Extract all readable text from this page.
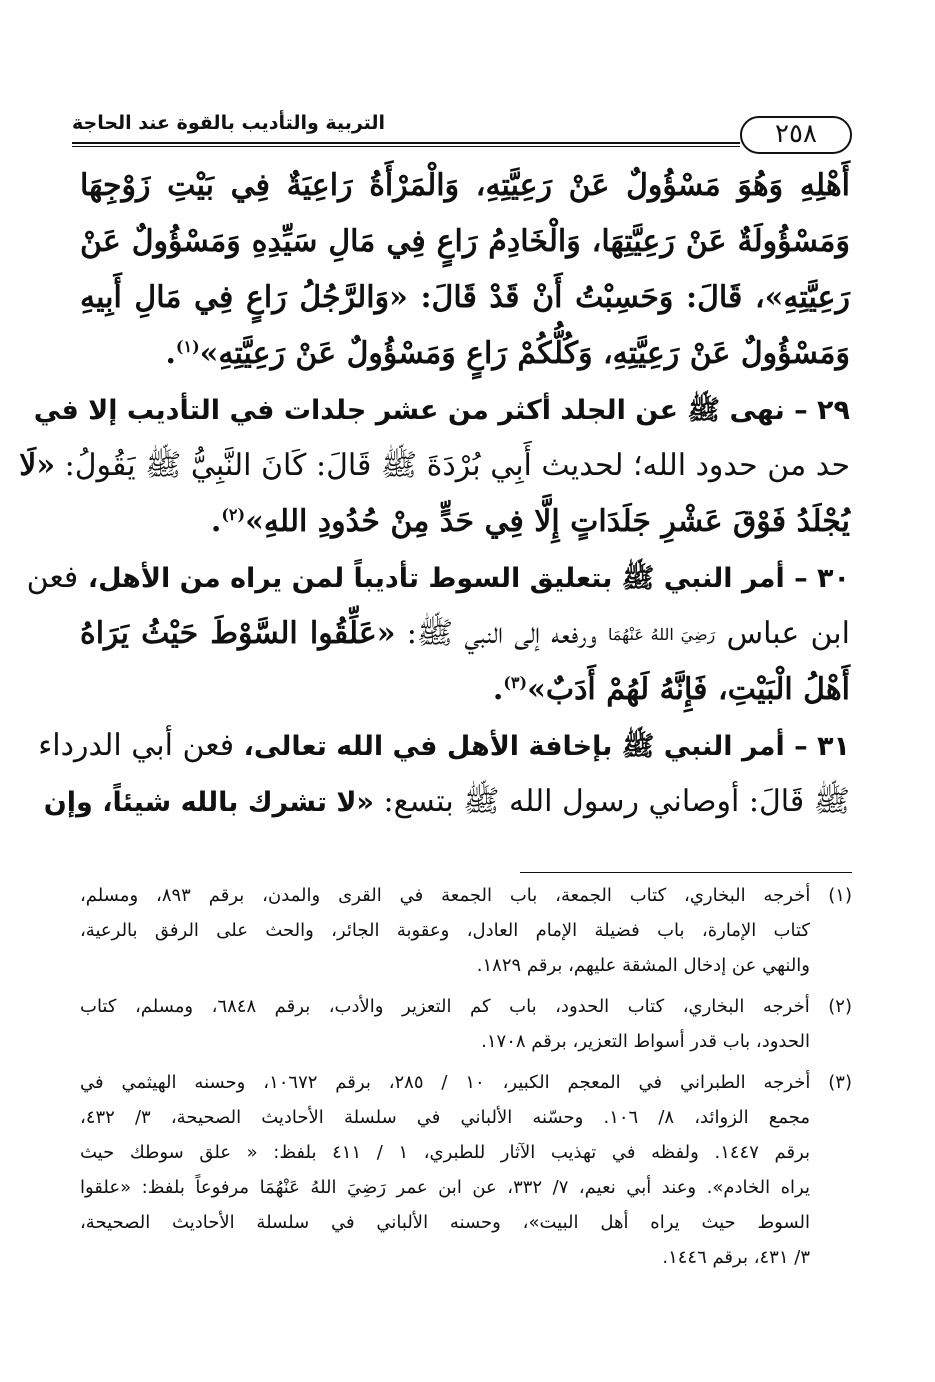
٢٥٨
التربية والتأديب بالقوة عند الحاجة
أَهْلِهِ وَهُوَ مَسْؤُولٌ عَنْ رَعِيَّتِهِ، وَالْمَرْأَةُ رَاعِيَةٌ فِي بَيْتِ زَوْجِهَا
وَمَسْؤُولَةٌ عَنْ رَعِيَّتِهَا، وَالْخَادِمُ رَاعٍ فِي مَالِ سَيِّدِهِ وَمَسْؤُولٌ عَنْ
رَعِيَّتِهِ»، قَالَ: وَحَسِبْتُ أَنْ قَدْ قَالَ: «وَالرَّجُلُ رَاعٍ فِي مَالِ أَبِيهِ
وَمَسْؤُولٌ عَنْ رَعِيَّتِهِ، وَكُلُّكُمْ رَاعٍ وَمَسْؤُولٌ عَنْ رَعِيَّتِهِ»$^{(١)}$.
٢٩ – نهى ﷺ عن الجلد أكثر من عشر جلدات في التأديب إلا في
حد من حدود الله؛ لحديث أَبِي بُرْدَةَ ﷺ قَالَ: كَانَ النَّبِيُّ ﷺ يَقُولُ: «لَا
يُجْلَدُ فَوْقَ عَشْرِ جَلَدَاتٍ إِلَّا فِي حَدٍّ مِنْ حُدُودِ اللهِ»$^{(٢)}$.
٣٠ – أمر النبي ﷺ بتعليق السوط تأديباً لمن يراه من الأهل، فعن
ابن عباس رَضِيَ اللهُ عَنْهُمَا ورفعه إلى النبي ﷺ: «عَلِّقُوا السَّوْطَ حَيْثُ يَرَاهُ
أَهْلُ الْبَيْتِ، فَإِنَّهُ لَهُمْ أَدَبٌ»$^{(٣)}$.
٣١ – أمر النبي ﷺ بإخافة الأهل في الله تعالى، فعن أبي الدرداء
ﷺ قَالَ: أوصاني رسول الله ﷺ بتسع: «لا تشرك بالله شيئاً، وإن
(١) أخرجه البخاري، كتاب الجمعة، باب الجمعة في القرى والمدن، برقم ٨٩٣، ومسلم،
كتاب الإمارة، باب فضيلة الإمام العادل، وعقوبة الجائر، والحث على الرفق بالرعية،
والنهي عن إدخال المشقة عليهم، برقم ١٨٢٩.
(٢) أخرجه البخاري، كتاب الحدود، باب كم التعزير والأدب، برقم ٦٨٤٨، ومسلم، كتاب
الحدود، باب قدر أسواط التعزير، برقم ١٧٠٨.
(٣) أخرجه الطبراني في المعجم الكبير، ١٠ / ٢٨٥، برقم ١٠٦٧٢، وحسنه الهيثمي في
مجمع الزوائد، ٨/ ١٠٦. وحسّنه الألباني في سلسلة الأحاديث الصحيحة، ٣/ ٤٣٢،
برقم ١٤٤٧. ولفظه في تهذيب الآثار للطبري، ١ / ٤١١ بلفظ: « علق سوطك حيث
يراه الخادم». وعند أبي نعيم، ٧/ ٣٣٢، عن ابن عمر رَضِيَ اللهُ عَنْهُمَا مرفوعاً بلفظ: «علقوا
السوط حيث يراه أهل البيت»، وحسنه الألباني في سلسلة الأحاديث الصحيحة،
٣/ ٤٣١، برقم ١٤٤٦.
